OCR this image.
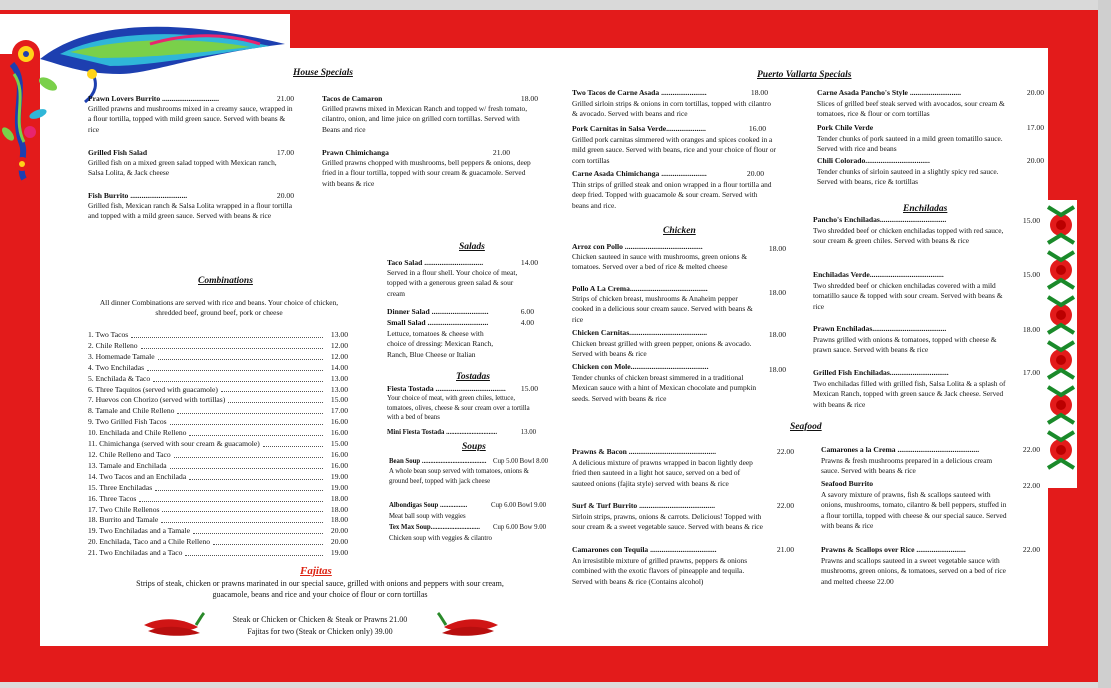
House Specials
Prawn Lovers Burrito ..............................	21.00
Grilled prawns and mushrooms mixed in a creamy sauce, wrapped in a flour tortilla, topped with mild green sauce. Served with beans & rice
Grilled Fish Salad	17.00
Grilled fish on a mixed green salad topped with Mexican ranch, Salsa Lolita, & Jack cheese
Fish Burrito ..............................	20.00
Grilled fish, Mexican ranch & Salsa Lolita wrapped in a flour tortilla and topped with a mild green sauce. Served with beans & rice
Tacos de Camaron	18.00
Grilled prawns mixed in Mexican Ranch and topped w/ fresh tomato, cilantro, onion, and lime juice on grilled corn tortillas. Served with Beans and rice
Prawn Chimichanga	21.00
Grilled prawns chopped with mushrooms, bell peppers & onions, deep fried in a flour tortilla, topped with sour cream & guacamole. Served with beans & rice
Combinations
All dinner Combinations are served with rice and beans. Your choice of chicken, shredded beef, ground beef, pork or cheese
1. Two Tacos	13.00
2. Chile Relleno	12.00
3. Homemade Tamale	12.00
4. Two Enchiladas	14.00
5. Enchilada & Taco	13.00
6. Three Taquitos (served with guacamole)	13.00
7. Huevos con Chorizo (served with tortillas)	15.00
8. Tamale and Chile Relleno	17.00
9. Two Grilled Fish Tacos	16.00
10. Enchilada and Chile Relleno	16.00
11. Chimichanga (served with sour cream & guacamole)	15.00
12. Chile Relleno and Taco	16.00
13. Tamale and Enchilada	16.00
14. Two Tacos and an Enchilada	19.00
15. Three Enchiladas	19.00
16. Three Tacos	18.00
17. Two Chile Rellenos	18.00
18. Burrito and Tamale	18.00
19. Two Enchiladas and a Tamale	20.00
20. Enchilada, Taco and a Chile Relleno	20.00
21. Two Enchiladas and a Taco	19.00
Salads
Taco Salad ...............................	14.00
Served in a flour shell. Your choice of meat, topped with a generous green salad & sour cream
Dinner Salad ..............................	6.00
Small Salad ................................	4.00
Lettuce, tomatoes & cheese with choice of dressing: Mexican Ranch, Ranch, Blue Cheese or Italian
Tostadas
Fiesta Tostada .....................................	15.00
Your choice of meat, with green chiles, lettuce, tomatoes, olives, cheese & sour cream over a tortilla with a bed of beans
Mini Fiesta Tostada ..............................	13.00
Soups
Bean Soup ...................................... Cup 5.00 Bowl 8.00
A whole bean soup served with tomatoes, onions & ground beef, topped with jack cheese
Albondigas Soup ................	Cup 6.00 Bowl 9.00
Meat ball soup with veggies
Tex Max Soup.............................	Cup 6.00 Bow 9.00
Chicken soup with veggies & cilantro
Fajitas
Strips of steak, chicken or prawns marinated in our special sauce, grilled with onions and peppers with sour cream, guacamole, beans and rice and your choice of flour or corn tortillas
Steak or Chicken or Chicken & Steak or Prawns 21.00
Fajitas for two (Steak or Chicken only) 39.00
Puerto Vallarta Specials
Two Tacos de Carne Asada ........................	18.00
Grilled sirloin strips & onions in corn tortillas, topped with cilantro & avocado. Served with beans and rice
Pork Carnitas in Salsa Verde.....................	16.00
Grilled pork carnitas simmered with oranges and spices cooked in a mild green sauce. Served with beans, rice and your choice of flour or corn tortillas
Carne Asada Chimichanga ........................	20.00
Thin strips of grilled steak and onion wrapped in a flour tortilla and deep fried. Topped with guacamole & sour cream. Served with beans and rice.
Carne Asada Pancho's Style ...........................	20.00
Slices of grilled beef steak served with avocados, sour cream & tomatoes, rice & flour or corn tortillas
Pork Chile Verde	17.00
Tender chunks of pork sauteed in a mild green tomatillo sauce. Served with rice and beans
Chili Colorado..................................	20.00
Tender chunks of sirloin sauteed in a slightly spicy red sauce. Served with beans, rice & tortillas
Chicken
Arroz con Pollo .........................................	18.00
Chicken sauteed in sauce with mushrooms, green onions & tomatoes. Served over a bed of rice & melted cheese
Pollo A La Crema.........................................	18.00
Strips of chicken breast, mushrooms & Anaheim pepper cooked in a delicious sour cream sauce. Served with beans & rice
Chicken Carnitas.........................................	18.00
Chicken breast grilled with green pepper, onions & avocado. Served with beans & rice
Chicken con Mole.........................................	18.00
Tender chunks of chicken breast simmered in a traditional Mexican sauce with a hint of Mexican chocolate and pumpkin seeds. Served with beans & rice
Enchiladas
Pancho's Enchiladas...................................	15.00
Two shredded beef or chicken enchiladas topped with red sauce, sour cream & green chiles. Served with beans & rice
Enchiladas Verde.......................................	15.00
Two shredded beef or chicken enchiladas covered with a mild tomatillo sauce & topped with sour cream. Served with beans & rice
Prawn Enchiladas.......................................	18.00
Prawns grilled with onions & tomatoes, topped with cheese & prawn sauce. Served with beans & rice
Grilled Fish Enchiladas...............................	17.00
Two enchiladas filled with grilled fish, Salsa Lolita & a splash of Mexican Ranch, topped with green sauce & Jack cheese. Served with beans & rice
Seafood
Prawns & Bacon ..............................................	22.00
A delicious mixture of prawns wrapped in bacon lightly deep fried then sauteed in a light hot sauce, served on a bed of sauteed onions (fajita style) served with beans & rice
Surf & Turf Burrito ........................................	22.00
Sirloin strips, prawns, onions & carrots. Delicious! Topped with sour cream & a sweet vegetable sauce. Served with beans & rice
Camarones con Tequila ...................................	21.00
An irresistible mixture of grilled prawns, peppers & onions combined with the exotic flavors of pineapple and tequila. Served with beans & rice (Contains alcohol)
Camarones a la Crema ...........................................	22.00
Prawns & fresh mushrooms prepared in a delicious cream sauce. Served with beans & rice
Seafood Burrito	22.00
A savory mixture of prawns, fish & scallops sauteed with onions, mushrooms, tomato, cilantro & bell peppers, stuffed in a flour tortilla, topped with cheese & our special sauce. Served with beans & rice
Prawns & Scallops over Rice ..........................	22.00
Prawns and scallops sauteed in a sweet vegetable sauce with mushrooms, green onions, & tomatoes, served on a bed of rice and melted cheese 22.00
